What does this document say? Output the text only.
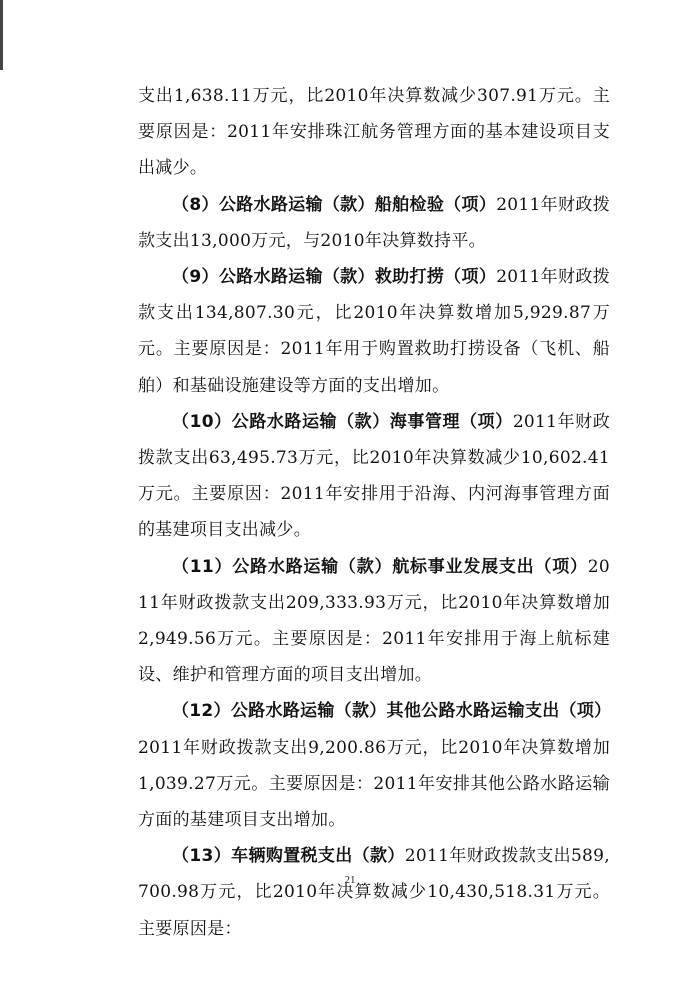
支出1,638.11万元，比2010年决算数减少307.91万元。主要原因是：2011年安排珠江航务管理方面的基本建设项目支出减少。

（8）公路水路运输（款）船舶检验（项）2011年财政拨款支出13,000万元，与2010年决算数持平。

（9）公路水路运输（款）救助打捞（项）2011年财政拨款支出134,807.30元，比2010年决算数增加5,929.87万元。主要原因是：2011年用于购置救助打捞设备（飞机、船舶）和基础设施建设等方面的支出增加。

（10）公路水路运输（款）海事管理（项）2011年财政拨款支出63,495.73万元，比2010年决算数减少10,602.41万元。主要原因：2011年安排用于沿海、内河海事管理方面的基建项目支出减少。

（11）公路水路运输（款）航标事业发展支出（项）2011年财政拨款支出209,333.93万元，比2010年决算数增加2,949.56万元。主要原因是：2011年安排用于海上航标建设、维护和管理方面的项目支出增加。

（12）公路水路运输（款）其他公路水路运输支出（项）2011年财政拨款支出9,200.86万元，比2010年决算数增加1,039.27万元。主要原因是：2011年安排其他公路水路运输方面的基建项目支出增加。

（13）车辆购置税支出（款）2011年财政拨款支出589,700.98万元，比2010年决算数减少10,430,518.31万元。主要原因是：

21
